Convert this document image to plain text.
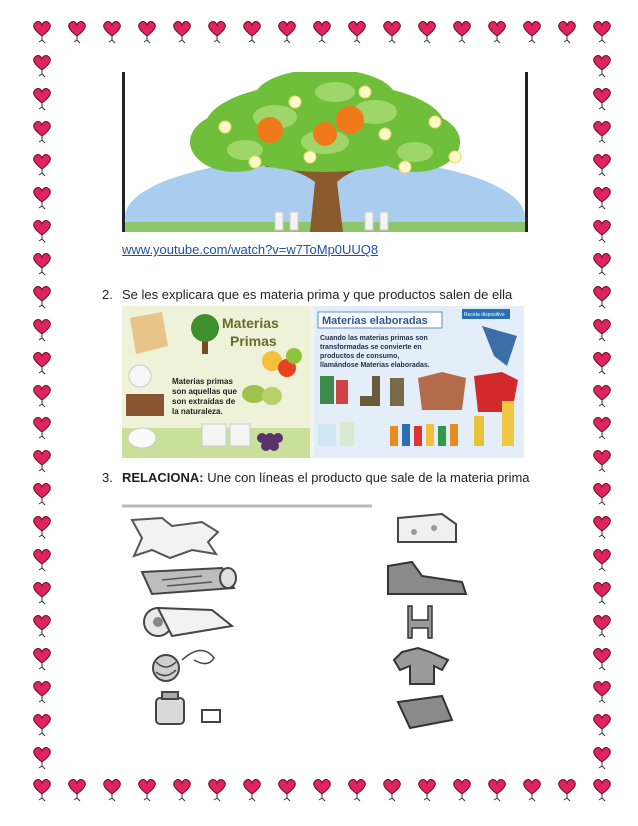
www.youtube.com/watch?v=w7ToMp0UUQ8
2. Se les explicara que es materia prima y que productos salen de ella
Materias
Primas
Materias primas
son aquellas que
son extraídas de
la naturaleza.
Materias elaboradas	Receta dispositivo
Cuando las materias primas son
transformadas se convierte en
productos de consumo,
llamándose Materias elaboradas.
3. RELACIONA: Une con líneas el producto que sale de la materia prima
